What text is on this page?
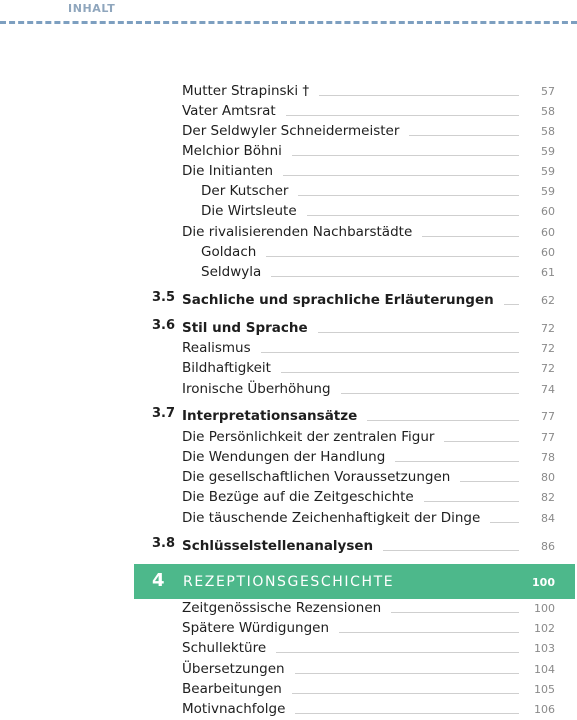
INHALT
Mutter Strapinski †	57
Vater Amtsrat	58
Der Seldwyler Schneidermeister	58
Melchior Böhni	59
Die Initianten	59
Der Kutscher	59
Die Wirtsleute	60
Die rivalisierenden Nachbarstädte	60
Goldach	60
Seldwyla	61
3.5 Sachliche und sprachliche Erläuterungen	62
3.6 Stil und Sprache	72
Realismus	72
Bildhaftigkeit	72
Ironische Überhöhung	74
3.7 Interpretationsansätze	77
Die Persönlichkeit der zentralen Figur	77
Die Wendungen der Handlung	78
Die gesellschaftlichen Voraussetzungen	80
Die Bezüge auf die Zeitgeschichte	82
Die täuschende Zeichenhaftigkeit der Dinge	84
3.8 Schlüsselstellenanalysen	86
4 REZEPTIONSGESCHICHTE	100
Zeitgenössische Rezensionen	100
Spätere Würdigungen	102
Schullektüre	103
Übersetzungen	104
Bearbeitungen	105
Motivnachfolge	106
